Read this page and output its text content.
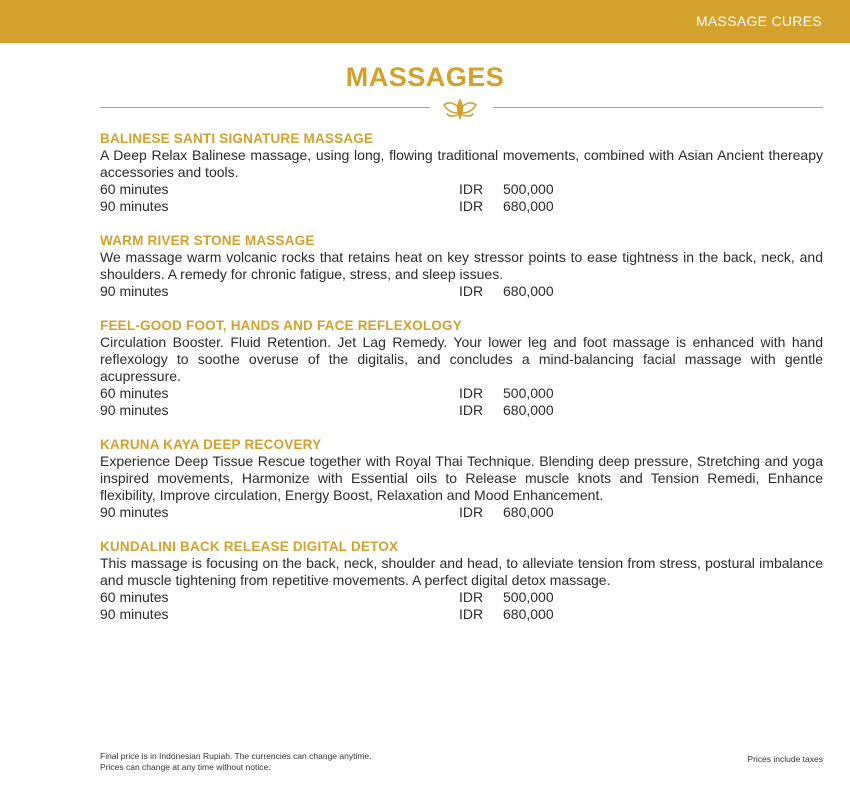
MASSAGE CURES
MASSAGES
BALINESE SANTI SIGNATURE MASSAGE
A Deep Relax Balinese massage, using long, flowing traditional movements, combined with Asian Ancient thereapy accessories and tools.
60 minutes	IDR 500,000
90 minutes	IDR 680,000
WARM RIVER STONE MASSAGE
We massage warm volcanic rocks that retains heat on key stressor points to ease tightness in the back, neck, and shoulders. A remedy for chronic fatigue, stress, and sleep issues.
90 minutes	IDR 680,000
FEEL-GOOD FOOT, HANDS AND FACE REFLEXOLOGY
Circulation Booster. Fluid Retention. Jet Lag Remedy. Your lower leg and foot massage is enhanced with hand reflexology to soothe overuse of the digitalis, and concludes a mind-balancing facial massage with gentle acupressure.
60 minutes	IDR 500,000
90 minutes	IDR 680,000
KARUNA KAYA DEEP RECOVERY
Experience Deep Tissue Rescue together with Royal Thai Technique. Blending deep pressure, Stretching and yoga inspired movements, Harmonize with Essential oils to Release muscle knots and Tension Remedi, Enhance flexibility, Improve circulation, Energy Boost, Relaxation and Mood Enhancement.
90 minutes	IDR 680,000
KUNDALINI BACK RELEASE DIGITAL DETOX
This massage is focusing on the back, neck, shoulder and head, to alleviate tension from stress, postural imbalance and muscle tightening from repetitive movements. A perfect digital detox massage.
60 minutes	IDR 500,000
90 minutes	IDR 680,000
Final price is in Indonesian Rupiah. The currencies can change anytime.
Prices can change at any time without notice.
Prices include taxes
